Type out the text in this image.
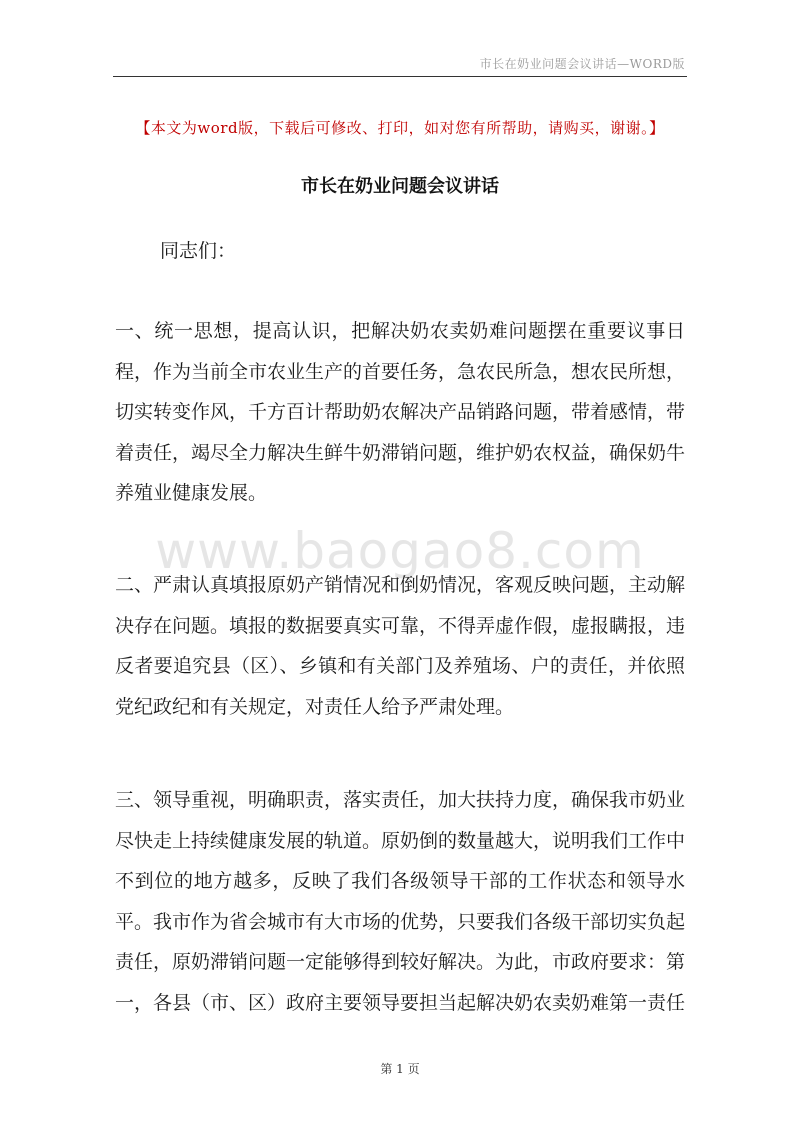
市长在奶业问题会议讲话—WORD版
【本文为word版，下载后可修改、打印，如对您有所帮助，请购买，谢谢。】
市长在奶业问题会议讲话
同志们：
www.baogao8.com
一、统一思想，提高认识，把解决奶农卖奶难问题摆在重要议事日程，作为当前全市农业生产的首要任务，急农民所急，想农民所想，切实转变作风，千方百计帮助奶农解决产品销路问题，带着感情，带着责任，竭尽全力解决生鲜牛奶滞销问题，维护奶农权益，确保奶牛养殖业健康发展。
二、严肃认真填报原奶产销情况和倒奶情况，客观反映问题，主动解决存在问题。填报的数据要真实可靠，不得弄虚作假，虚报瞒报，违反者要追究县（区）、乡镇和有关部门及养殖场、户的责任，并依照党纪政纪和有关规定，对责任人给予严肃处理。
三、领导重视，明确职责，落实责任，加大扶持力度，确保我市奶业尽快走上持续健康发展的轨道。原奶倒的数量越大，说明我们工作中不到位的地方越多，反映了我们各级领导干部的工作状态和领导水平。我市作为省会城市有大市场的优势，只要我们各级干部切实负起责任，原奶滞销问题一定能够得到较好解决。为此，市政府要求：第一，各县（市、区）政府主要领导要担当起解决奶农卖奶难第一责任
第 1 页
